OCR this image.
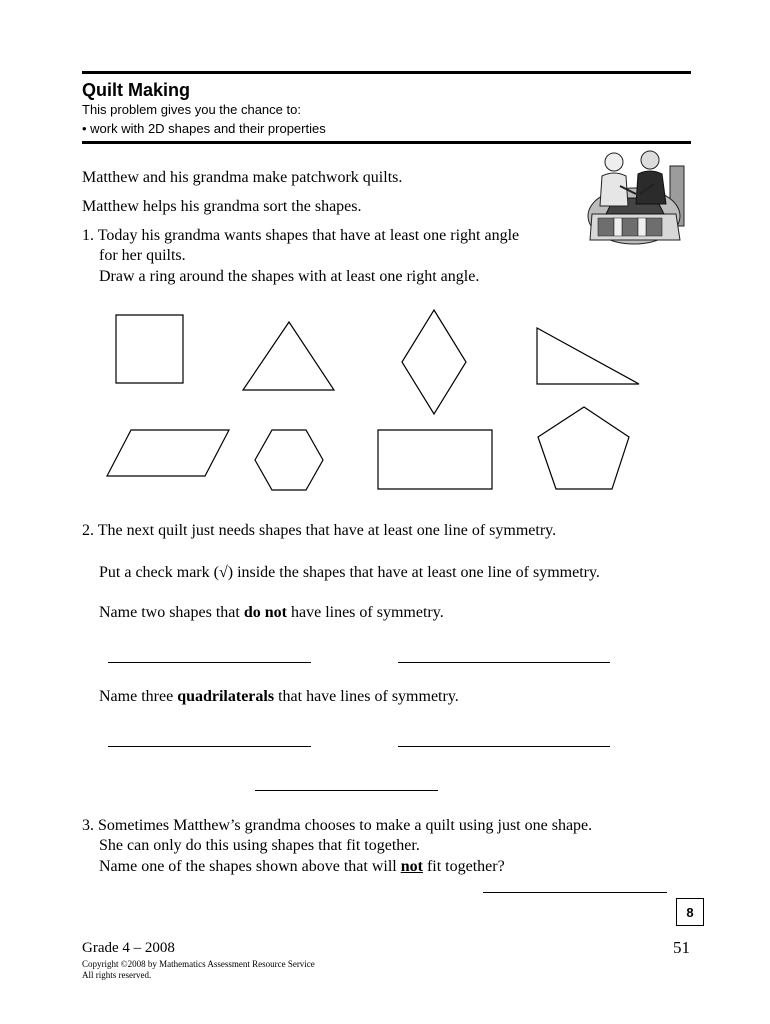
Quilt Making
This problem gives you the chance to:
• work with 2D shapes and their properties
Matthew and his grandma make patchwork quilts.
Matthew helps his grandma sort the shapes.
1. Today his grandma wants shapes that have at least one right angle
for her quilts.
Draw a ring around the shapes with at least one right angle.
2. The next quilt just needs shapes that have at least one line of symmetry.
Put a check mark (√) inside the shapes that have at least one line of symmetry.
Name two shapes that do not have lines of symmetry.
Name three quadrilaterals that have lines of symmetry.
3. Sometimes Matthew’s grandma chooses to make a quilt using just one shape.
She can only do this using shapes that fit together.
Name one of the shapes shown above that will not fit together?
8
Grade 4 – 2008	51
Copyright ©2008 by Mathematics Assessment Resource Service
All rights reserved.
